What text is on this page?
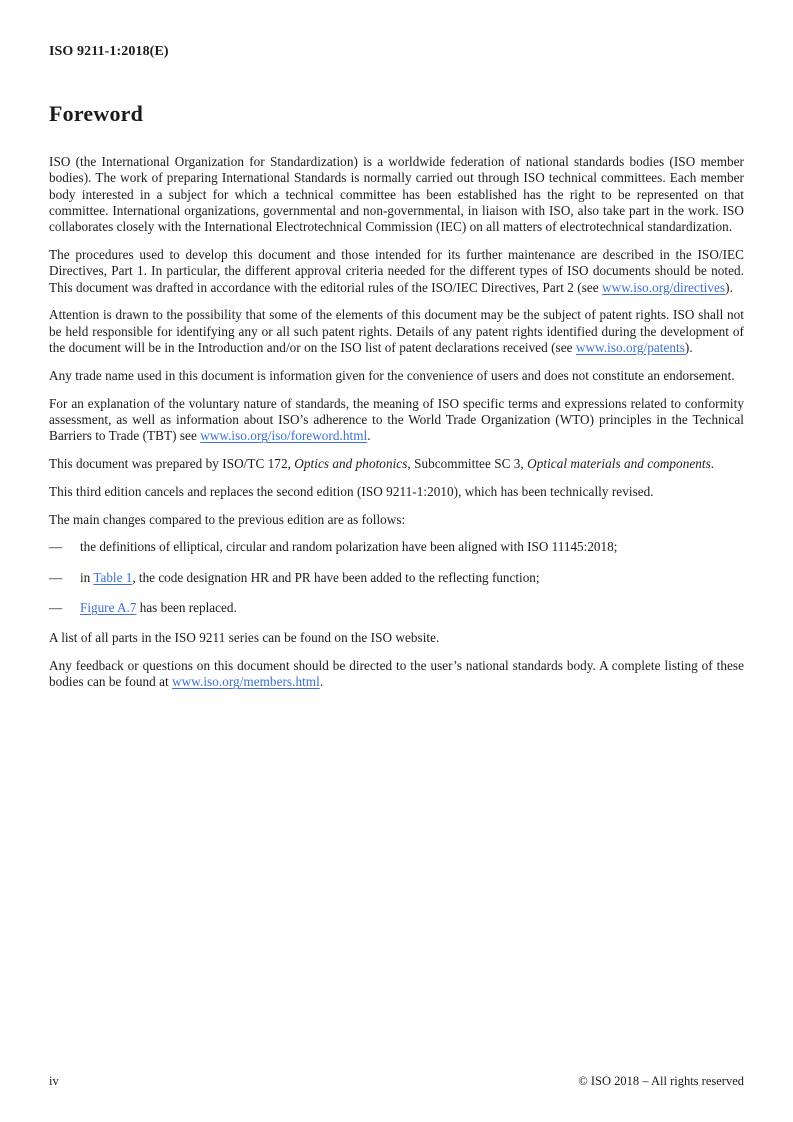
ISO 9211-1:2018(E)
Foreword

ISO (the International Organization for Standardization) is a worldwide federation of national standards bodies (ISO member bodies). The work of preparing International Standards is normally carried out through ISO technical committees. Each member body interested in a subject for which a technical committee has been established has the right to be represented on that committee. International organizations, governmental and non-governmental, in liaison with ISO, also take part in the work. ISO collaborates closely with the International Electrotechnical Commission (IEC) on all matters of electrotechnical standardization.

The procedures used to develop this document and those intended for its further maintenance are described in the ISO/IEC Directives, Part 1. In particular, the different approval criteria needed for the different types of ISO documents should be noted. This document was drafted in accordance with the editorial rules of the ISO/IEC Directives, Part 2 (see www.iso.org/directives).

Attention is drawn to the possibility that some of the elements of this document may be the subject of patent rights. ISO shall not be held responsible for identifying any or all such patent rights. Details of any patent rights identified during the development of the document will be in the Introduction and/or on the ISO list of patent declarations received (see www.iso.org/patents).

Any trade name used in this document is information given for the convenience of users and does not constitute an endorsement.

For an explanation of the voluntary nature of standards, the meaning of ISO specific terms and expressions related to conformity assessment, as well as information about ISO’s adherence to the World Trade Organization (WTO) principles in the Technical Barriers to Trade (TBT) see www.iso.org/iso/foreword.html.

This document was prepared by ISO/TC 172, Optics and photonics, Subcommittee SC 3, Optical materials and components.

This third edition cancels and replaces the second edition (ISO 9211-1:2010), which has been technically revised.

The main changes compared to the previous edition are as follows:

—	the definitions of elliptical, circular and random polarization have been aligned with ISO 11145:2018;
—	in Table 1, the code designation HR and PR have been added to the reflecting function;
—	Figure A.7 has been replaced.

A list of all parts in the ISO 9211 series can be found on the ISO website.

Any feedback or questions on this document should be directed to the user’s national standards body. A complete listing of these bodies can be found at www.iso.org/members.html.

iv	© ISO 2018 – All rights reserved
